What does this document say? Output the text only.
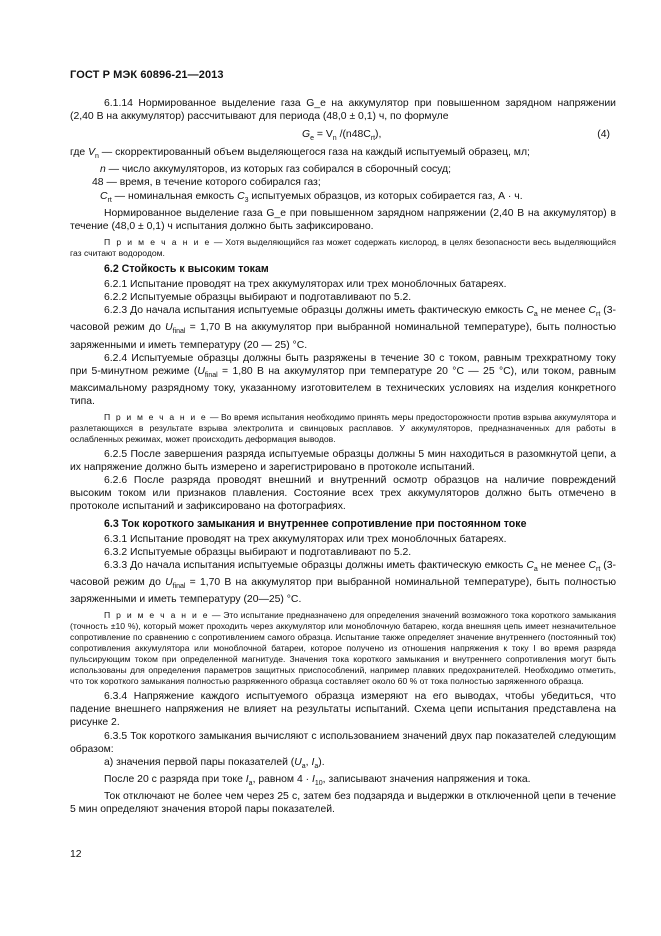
ГОСТ Р МЭК 60896-21—2013

6.1.14 Нормированное выделение газа G_e на аккумулятор при повышенном зарядном напряжении (2,40 В на аккумулятор) рассчитывают для периода (48,0 ± 0,1) ч, по формуле

$G_e = V_n$ $/(n48C_{rt})$,	(4)

где $V_n$ — скорректированный объем выделяющегося газа на каждый испытуемый образец, мл;

n — число аккумуляторов, из которых газ собирался в сборочный сосуд;

48 — время, в течение которого собирался газ;

$C_{rt}$ — номинальная емкость $C_3$ испытуемых образцов, из которых собирается газ, А · ч.

Нормированное выделение газа G_e при повышенном зарядном напряжении (2,40 В на аккумулятор) в течение (48,0 ± 0,1) ч испытания должно быть зафиксировано.

П р и м е ч а н и е — Хотя выделяющийся газ может содержать кислород, в целях безопасности весь выделяющийся газ считают водородом.

6.2 Стойкость к высоким токам

6.2.1 Испытание проводят на трех аккумуляторах или трех моноблочных батареях.

6.2.2 Испытуемые образцы выбирают и подготавливают по 5.2.

6.2.3 До начала испытания испытуемые образцы должны иметь фактическую емкость $C_a$ не менее $C_{rt}$ (3-часовой режим до $U_{final} = 1,70$ В на аккумулятор при выбранной номинальной температуре), быть полностью заряженными и иметь температуру (20 — 25) °С.

6.2.4 Испытуемые образцы должны быть разряжены в течение 30 с током, равным трехкратному току при 5-минутном режиме ($U_{final} = 1,80$ В на аккумулятор при температуре 20 °С — 25 °С), или током, равным максимальному разрядному току, указанному изготовителем в технических условиях на изделия конкретного типа.

П р и м е ч а н и е — Во время испытания необходимо принять меры предосторожности против взрыва аккумулятора и разлетающихся в результате взрыва электролита и свинцовых расплавов. У аккумуляторов, предназначенных для работы в ослабленных режимах, может происходить деформация выводов.

6.2.5 После завершения разряда испытуемые образцы должны 5 мин находиться в разомкнутой цепи, а их напряжение должно быть измерено и зарегистрировано в протоколе испытаний.

6.2.6 После разряда проводят внешний и внутренний осмотр образцов на наличие повреждений высоким током или признаков плавления. Состояние всех трех аккумуляторов должно быть отмечено в протоколе испытаний и зафиксировано на фотографиях.

6.3 Ток короткого замыкания и внутреннее сопротивление при постоянном токе

6.3.1 Испытание проводят на трех аккумуляторах или трех моноблочных батареях.

6.3.2 Испытуемые образцы выбирают и подготавливают по 5.2.

6.3.3 До начала испытания испытуемые образцы должны иметь фактическую емкость $C_a$ не менее $C_{rt}$ (3-часовой режим до $U_{final} = 1,70$ В на аккумулятор при выбранной номинальной температуре), быть полностью заряженными и иметь температуру (20—25) °С.

П р и м е ч а н и е — Это испытание предназначено для определения значений возможного тока короткого замыкания (точность ±10 %), который может проходить через аккумулятор или моноблочную батарею, когда внешняя цепь имеет незначительное сопротивление по сравнению с сопротивлением самого образца. Испытание также определяет значение внутреннего (постоянный ток) сопротивления аккумулятора или моноблочной батареи, которое получено из отношения напряжения к току I во время разряда пульсирующим током при определенной магнитуде. Значения тока короткого замыкания и внутреннего сопротивления могут быть использованы для определения параметров защитных приспособлений, например плавких предохранителей. Необходимо отметить, что ток короткого замыкания полностью разряженного образца составляет около 60 % от тока полностью заряженного образца.

6.3.4 Напряжение каждого испытуемого образца измеряют на его выводах, чтобы убедиться, что падение внешнего напряжения не влияет на результаты испытаний. Схема цепи испытания представлена на рисунке 2.

6.3.5 Ток короткого замыкания вычисляют с использованием значений двух пар показателей следующим образом:

а) значения первой пары показателей ($U_a$, $I_a$).

После 20 с разряда при токе $I_a$, равном $4 \cdot I_{10}$, записывают значения напряжения и тока.

Ток отключают не более чем через 25 с, затем без подзаряда и выдержки в отключенной цепи в течение 5 мин определяют значения второй пары показателей.

12
